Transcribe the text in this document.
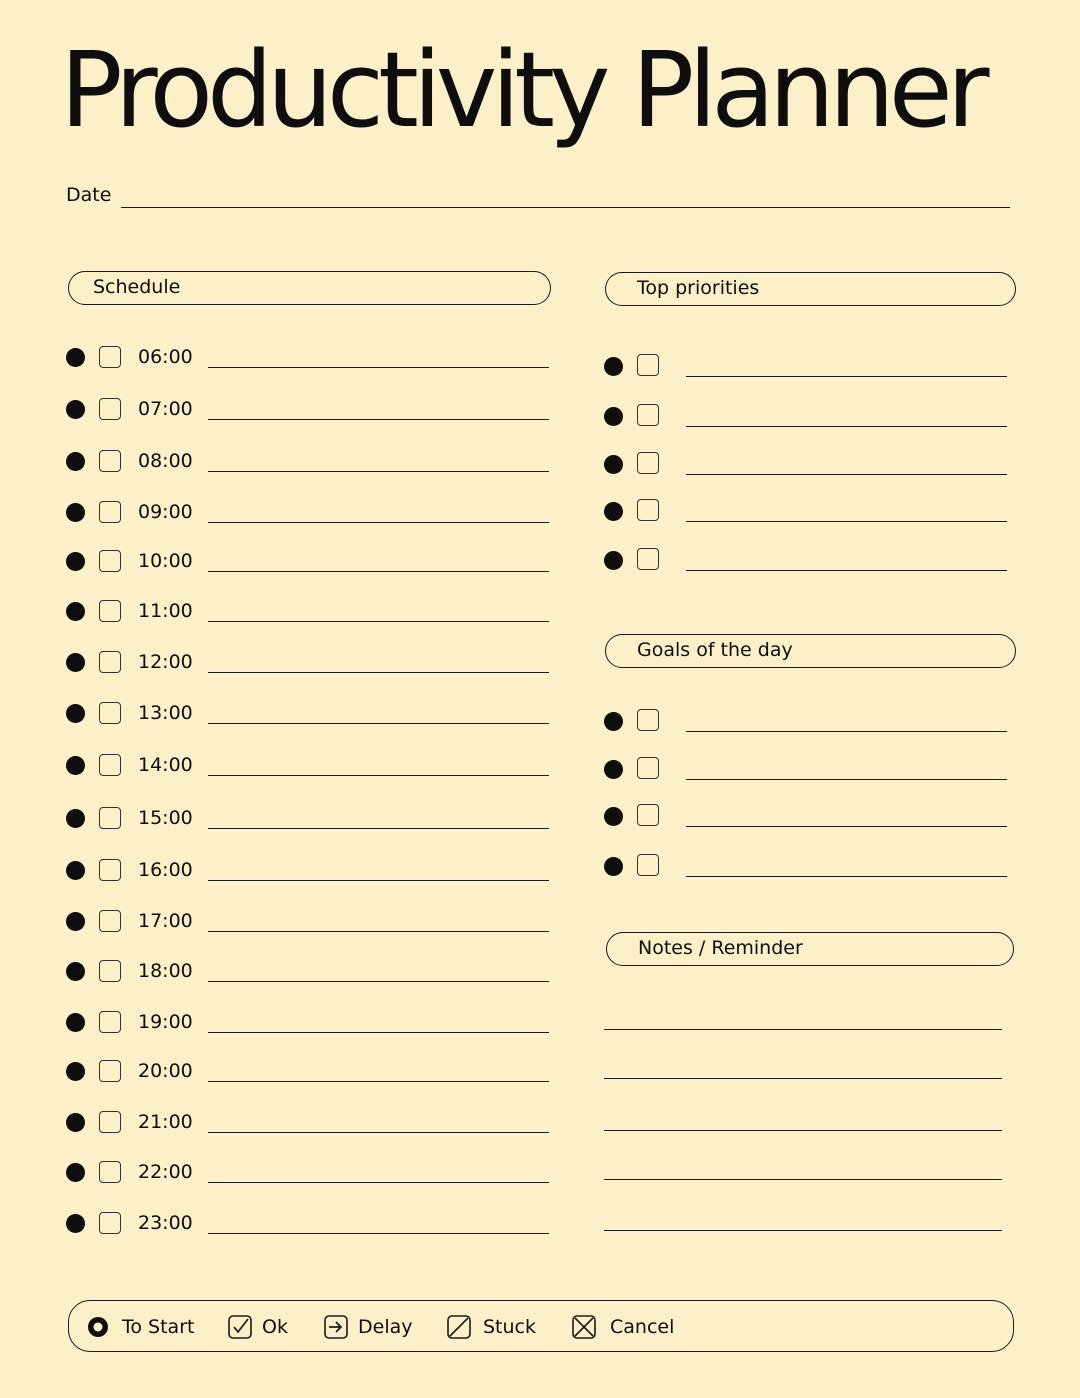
Productivity Planner
Date
Schedule	Top priorities
Goals of the day
Notes / Reminder
06:00
07:00
08:00
09:00
10:00
11:00
12:00
13:00
14:00
15:00
16:00
17:00
18:00
19:00
20:00
21:00
22:00
23:00
To Start	Ok	Delay	Stuck	Cancel
